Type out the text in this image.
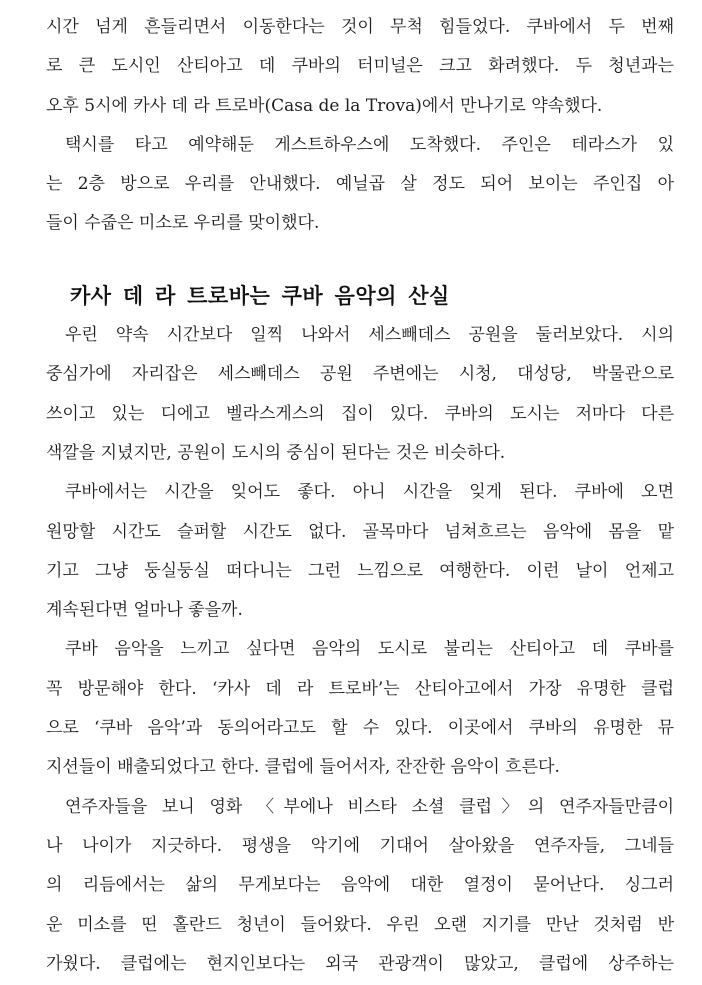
시간 넘게 흔들리면서 이동한다는 것이 무척 힘들었다. 쿠바에서 두 번째
로 큰 도시인 산티아고 데 쿠바의 터미널은 크고 화려했다. 두 청년과는
오후 5시에 카사 데 라 트로바(Casa de la Trova)에서 만나기로 약속했다.
택시를 타고 예약해둔 게스트하우스에 도착했다. 주인은 테라스가 있
는 2층 방으로 우리를 안내했다. 예닐곱 살 정도 되어 보이는 주인집 아
들이 수줍은 미소로 우리를 맞이했다.
카사 데 라 트로바는 쿠바 음악의 산실
우린 약속 시간보다 일찍 나와서 세스빼데스 공원을 둘러보았다. 시의
중심가에 자리잡은 세스빼데스 공원 주변에는 시청, 대성당, 박물관으로
쓰이고 있는 디에고 벨라스게스의 집이 있다. 쿠바의 도시는 저마다 다른
색깔을 지녔지만, 공원이 도시의 중심이 된다는 것은 비슷하다.
쿠바에서는 시간을 잊어도 좋다. 아니 시간을 잊게 된다. 쿠바에 오면
원망할 시간도 슬퍼할 시간도 없다. 골목마다 넘쳐흐르는 음악에 몸을 맡
기고 그냥 둥실둥실 떠다니는 그런 느낌으로 여행한다. 이런 날이 언제고
계속된다면 얼마나 좋을까.
쿠바 음악을 느끼고 싶다면 음악의 도시로 불리는 산티아고 데 쿠바를
꼭 방문해야 한다. ‘카사 데 라 트로바’는 산티아고에서 가장 유명한 클럽
으로 ‘쿠바 음악’과 동의어라고도 할 수 있다. 이곳에서 쿠바의 유명한 뮤
지션들이 배출되었다고 한다. 클럽에 들어서자, 잔잔한 음악이 흐른다.
연주자들을 보니 영화 〈부에나 비스타 소셜 클럽〉의 연주자들만큼이
나 나이가 지긋하다. 평생을 악기에 기대어 살아왔을 연주자들, 그네들
의 리듬에서는 삶의 무게보다는 음악에 대한 열정이 묻어난다. 싱그러
운 미소를 띤 홀란드 청년이 들어왔다. 우린 오랜 지기를 만난 것처럼 반
가웠다. 클럽에는 현지인보다는 외국 관광객이 많았고, 클럽에 상주하는
